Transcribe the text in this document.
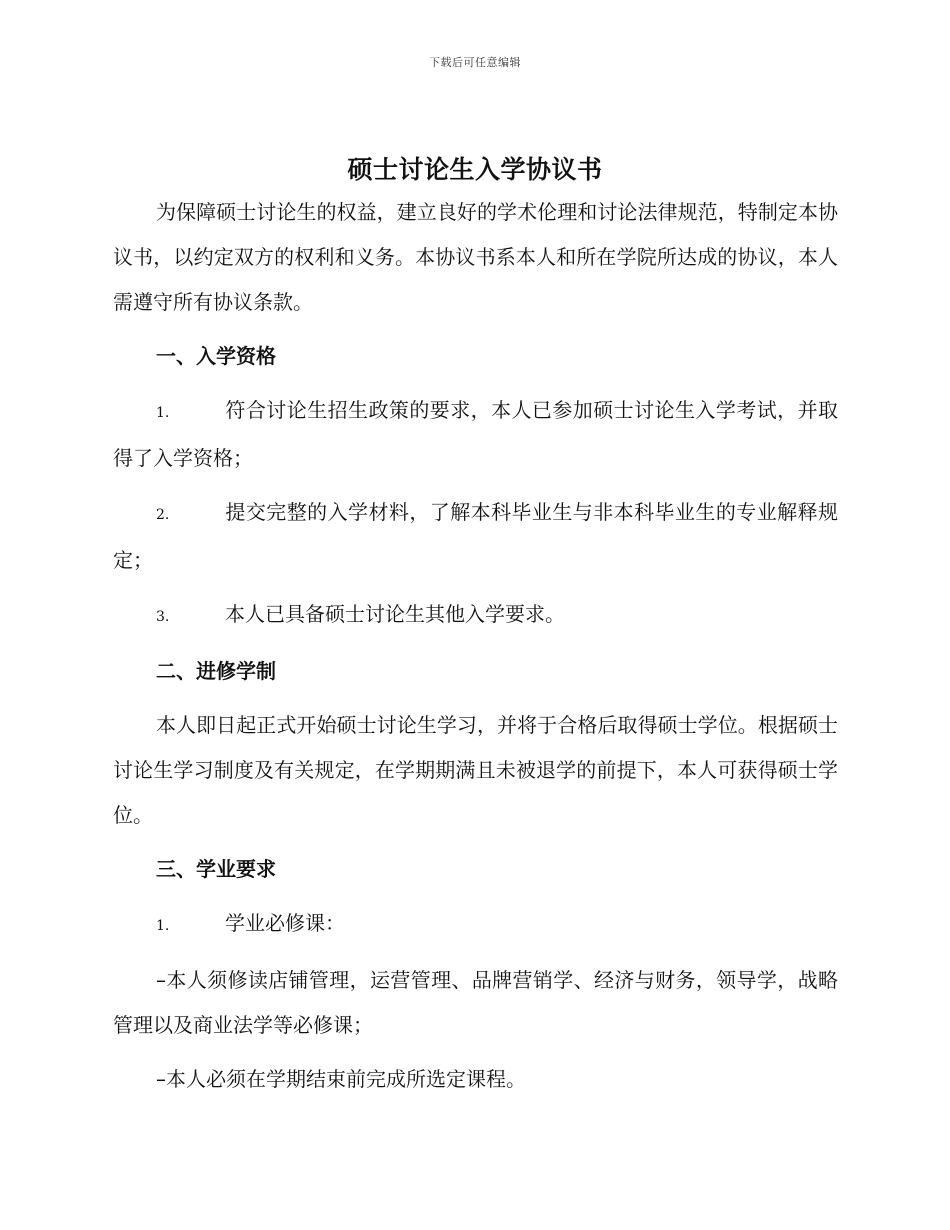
下载后可任意编辑
硕士讨论生入学协议书

为保障硕士讨论生的权益，建立良好的学术伦理和讨论法律规范，特制定本协议书，以约定双方的权利和义务。本协议书系本人和所在学院所达成的协议，本人需遵守所有协议条款。

一、入学资格
1.	符合讨论生招生政策的要求，本人已参加硕士讨论生入学考试，并取得了入学资格；
2.	提交完整的入学材料，了解本科毕业生与非本科毕业生的专业解释规定；
3.	本人已具备硕士讨论生其他入学要求。
二、进修学制

本人即日起正式开始硕士讨论生学习，并将于合格后取得硕士学位。根据硕士讨论生学习制度及有关规定，在学期期满且未被退学的前提下，本人可获得硕士学位。

三、学业要求
1.	学业必修课：

–本人须修读店铺管理，运营管理、品牌营销学、经济与财务，领导学，战略管理以及商业法学等必修课；

–本人必须在学期结束前完成所选定课程。
